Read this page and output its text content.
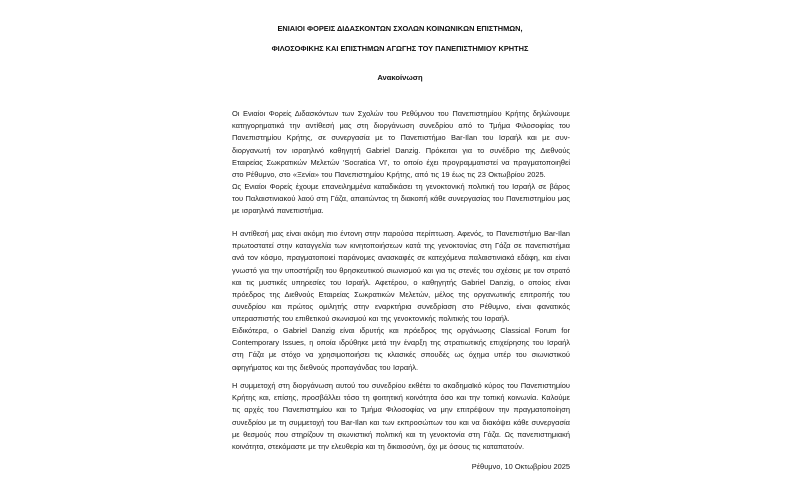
ΕΝΙΑΙΟΙ ΦΟΡΕΙΣ ΔΙΔΑΣΚΟΝΤΩΝ ΣΧΟΛΩΝ ΚΟΙΝΩΝΙΚΩΝ ΕΠΙΣΤΗΜΩΝ,
ΦΙΛΟΣΟΦΙΚΗΣ ΚΑΙ ΕΠΙΣΤΗΜΩΝ ΑΓΩΓΗΣ ΤΟΥ ΠΑΝΕΠΙΣΤΗΜΙΟΥ ΚΡΗΤΗΣ
Ανακοίνωση

Οι Ενιαίοι Φορείς Διδασκόντων των Σχολών του Ρεθύμνου του Πανεπιστημίου Κρήτης δηλώνουμε κατηγορηματικά την αντίθεσή μας στη διοργάνωση συνεδρίου από το Τμήμα Φιλοσοφίας του Πανεπιστημίου Κρήτης, σε συνεργασία με το Πανεπιστήμιο Bar-Ilan του Ισραήλ και με συν-διοργανωτή τον ισραηλινό καθηγητή Gabriel Danzig. Πρόκειται για το συνέδριο της Διεθνούς Εταιρείας Σωκρατικών Μελετών 'Socratica VI', το οποίο έχει προγραμματιστεί να πραγματοποιηθεί στο Ρέθυμνο, στο «Ξενία» του Πανεπιστημίου Κρήτης, από τις 19 έως τις 23 Οκτωβρίου 2025.

Ως Ενιαίοι Φορείς έχουμε επανειλημμένα καταδικάσει τη γενοκτονική πολιτική του Ισραήλ σε βάρος του Παλαιστινιακού λαού στη Γάζα, απαιτώντας τη διακοπή κάθε συνεργασίας του Πανεπιστημίου μας με ισραηλινά πανεπιστήμια.

Η αντίθεσή μας είναι ακόμη πιο έντονη στην παρούσα περίπτωση. Αφενός, το Πανεπιστήμιο Bar-Ilan πρωτοστατεί στην καταγγελία των κινητοποιήσεων κατά της γενοκτονίας στη Γάζα σε πανεπιστήμια ανά τον κόσμο, πραγματοποιεί παράνομες ανασκαφές σε κατεχόμενα παλαιστινιακά εδάφη, και είναι γνωστό για την υποστήριξη του θρησκευτικού σιωνισμού και για τις στενές του σχέσεις με τον στρατό και τις μυστικές υπηρεσίες του Ισραήλ. Αφετέρου, ο καθηγητής Gabriel Danzig, ο οποίος είναι πρόεδρος της Διεθνούς Εταιρείας Σωκρατικών Μελετών, μέλος της οργανωτικής επιτροπής του συνεδρίου και πρώτος ομιλητής στην εναρκτήρια συνεδρίαση στο Ρέθυμνο, είναι φανατικός υπερασπιστής του επιθετικού σιωνισμού και της γενοκτονικής πολιτικής του Ισραήλ.

Ειδικότερα, ο Gabriel Danzig είναι ιδρυτής και πρόεδρος της οργάνωσης Classical Forum for Contemporary Issues, η οποία ιδρύθηκε μετά την έναρξη της στρατιωτικής επιχείρησης του Ισραήλ στη Γάζα με στόχο να χρησιμοποιήσει τις κλασικές σπουδές ως όχημα υπέρ του σιωνιστικού αφηγήματος και της διεθνούς προπαγάνδας του Ισραήλ.

Η συμμετοχή στη διοργάνωση αυτού του συνεδρίου εκθέτει το ακαδημαϊκό κύρος του Πανεπιστημίου Κρήτης και, επίσης, προσβάλλει τόσο τη φοιτητική κοινότητα όσο και την τοπική κοινωνία. Καλούμε τις αρχές του Πανεπιστημίου και το Τμήμα Φιλοσοφίας να μην επιτρέψουν την πραγματοποίηση συνεδρίου με τη συμμετοχή του Bar-Ilan και των εκπροσώπων του και να διακόψει κάθε συνεργασία με θεσμούς που στηρίζουν τη σιωνιστική πολιτική και τη γενοκτονία στη Γάζα. Ως πανεπιστημιακή κοινότητα, στεκόμαστε με την ελευθερία και τη δικαιοσύνη, όχι με όσους τις καταπατούν.

Ρέθυμνο, 10 Οκτωβρίου 2025
